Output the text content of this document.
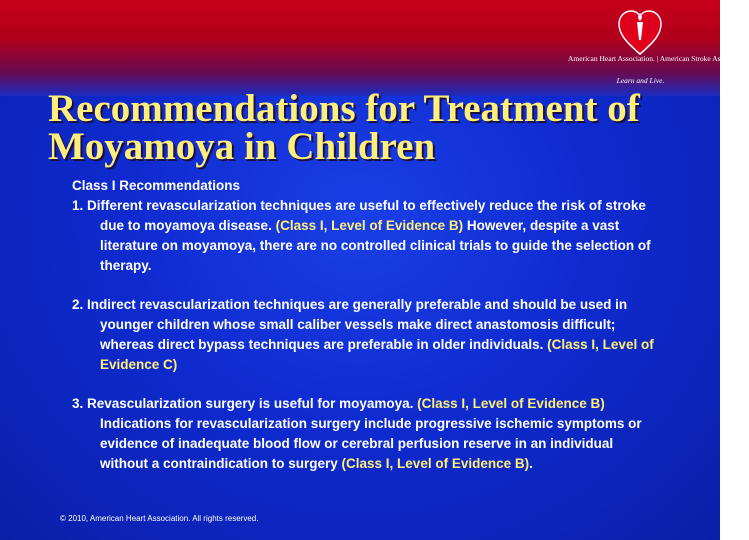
American Heart Association. | American Stroke Association.
Learn and Live.
Recommendations for Treatment of Moyamoya in Children

Class I Recommendations

1. Different revascularization techniques are useful to effectively reduce the risk of stroke due to moyamoya disease. (Class I, Level of Evidence B) However, despite a vast literature on moyamoya, there are no controlled clinical trials to guide the selection of therapy.

2. Indirect revascularization techniques are generally preferable and should be used in younger children whose small caliber vessels make direct anastomosis difficult; whereas direct bypass techniques are preferable in older individuals. (Class I, Level of Evidence C)

3. Revascularization surgery is useful for moyamoya. (Class I, Level of Evidence B) Indications for revascularization surgery include progressive ischemic symptoms or evidence of inadequate blood flow or cerebral perfusion reserve in an individual without a contraindication to surgery (Class I, Level of Evidence B).

© 2010, American Heart Association. All rights reserved.
